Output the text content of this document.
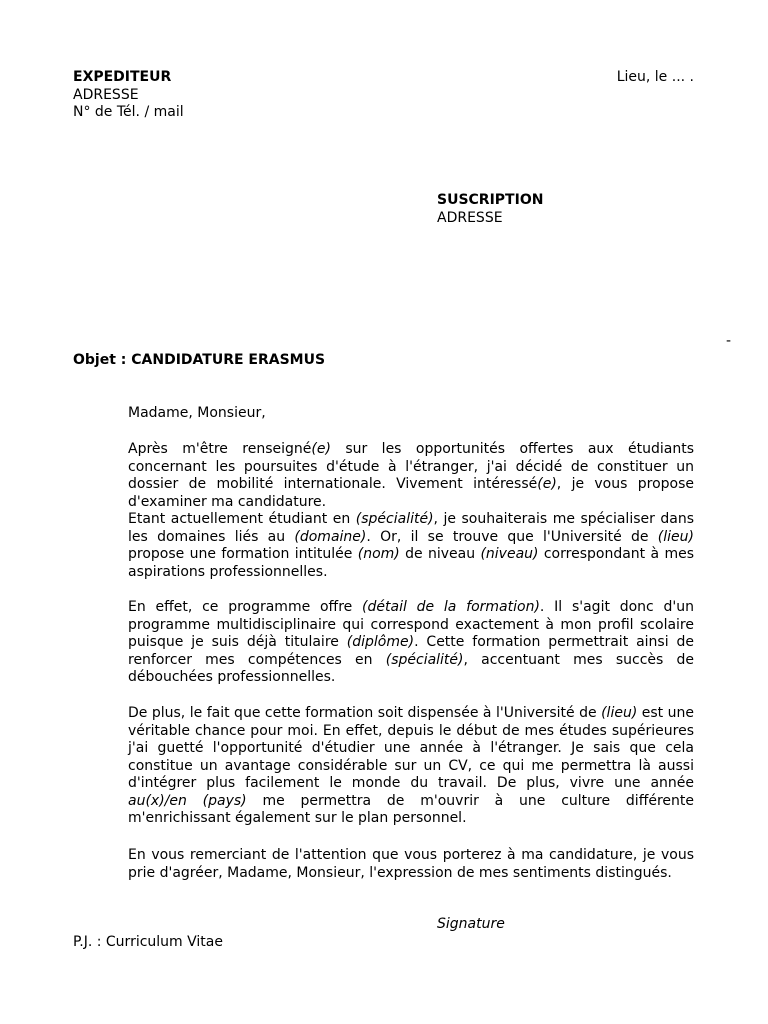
EXPEDITEUR
ADRESSE
N° de Tél. / mail
Lieu, le ... .
SUSCRIPTION
ADRESSE
-
Objet : CANDIDATURE ERASMUS
Madame, Monsieur,
Après m'être renseigné(e) sur les opportunités offertes aux étudiants concernant les poursuites d'étude à l'étranger, j'ai décidé de constituer un dossier de mobilité internationale. Vivement intéressé(e), je vous propose d'examiner ma candidature.
Etant actuellement étudiant en (spécialité), je souhaiterais me spécialiser dans les domaines liés au (domaine). Or, il se trouve que l'Université de (lieu) propose une formation intitulée (nom) de niveau (niveau) correspondant à mes aspirations professionnelles.
En effet, ce programme offre (détail de la formation). Il s'agit donc d'un programme multidisciplinaire qui correspond exactement à mon profil scolaire puisque je suis déjà titulaire (diplôme). Cette formation permettrait ainsi de renforcer mes compétences en (spécialité), accentuant mes succès de débouchées professionnelles.
De plus, le fait que cette formation soit dispensée à l'Université de (lieu) est une véritable chance pour moi. En effet, depuis le début de mes études supérieures j'ai guetté l'opportunité d'étudier une année à l'étranger. Je sais que cela constitue un avantage considérable sur un CV, ce qui me permettra là aussi d'intégrer plus facilement le monde du travail. De plus, vivre une année au(x)/en (pays) me permettra de m'ouvrir à une culture différente m'enrichissant également sur le plan personnel.
En vous remerciant de l'attention que vous porterez à ma candidature, je vous prie d'agréer, Madame, Monsieur, l'expression de mes sentiments distingués.
Signature
P.J. : Curriculum Vitae
